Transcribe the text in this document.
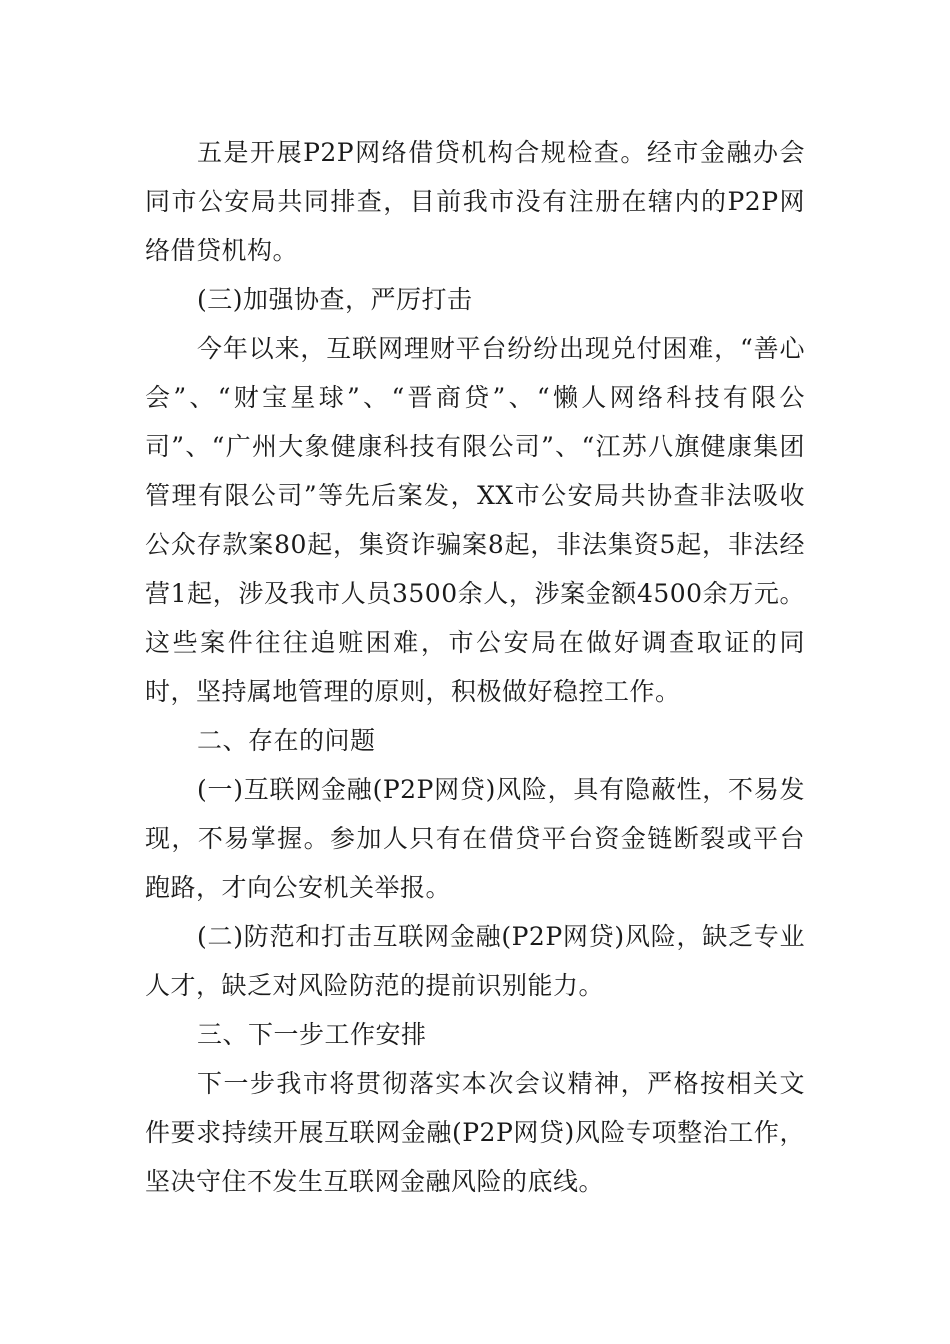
五是开展P2P网络借贷机构合规检查。经市金融办会同市公安局共同排查，目前我市没有注册在辖内的P2P网络借贷机构。

(三)加强协查，严厉打击

今年以来，互联网理财平台纷纷出现兑付困难，“善心会”、“财宝星球”、“晋商贷”、“懒人网络科技有限公司”、“广州大象健康科技有限公司”、“江苏八旗健康集团管理有限公司”等先后案发，XX市公安局共协查非法吸收公众存款案80起，集资诈骗案8起，非法集资5起，非法经营1起，涉及我市人员3500余人，涉案金额4500余万元。这些案件往往追赃困难，市公安局在做好调查取证的同时，坚持属地管理的原则，积极做好稳控工作。

二、存在的问题

(一)互联网金融(P2P网贷)风险，具有隐蔽性，不易发现，不易掌握。参加人只有在借贷平台资金链断裂或平台跑路，才向公安机关举报。

(二)防范和打击互联网金融(P2P网贷)风险，缺乏专业人才，缺乏对风险防范的提前识别能力。

三、下一步工作安排

下一步我市将贯彻落实本次会议精神，严格按相关文件要求持续开展互联网金融(P2P网贷)风险专项整治工作，坚决守住不发生互联网金融风险的底线。
